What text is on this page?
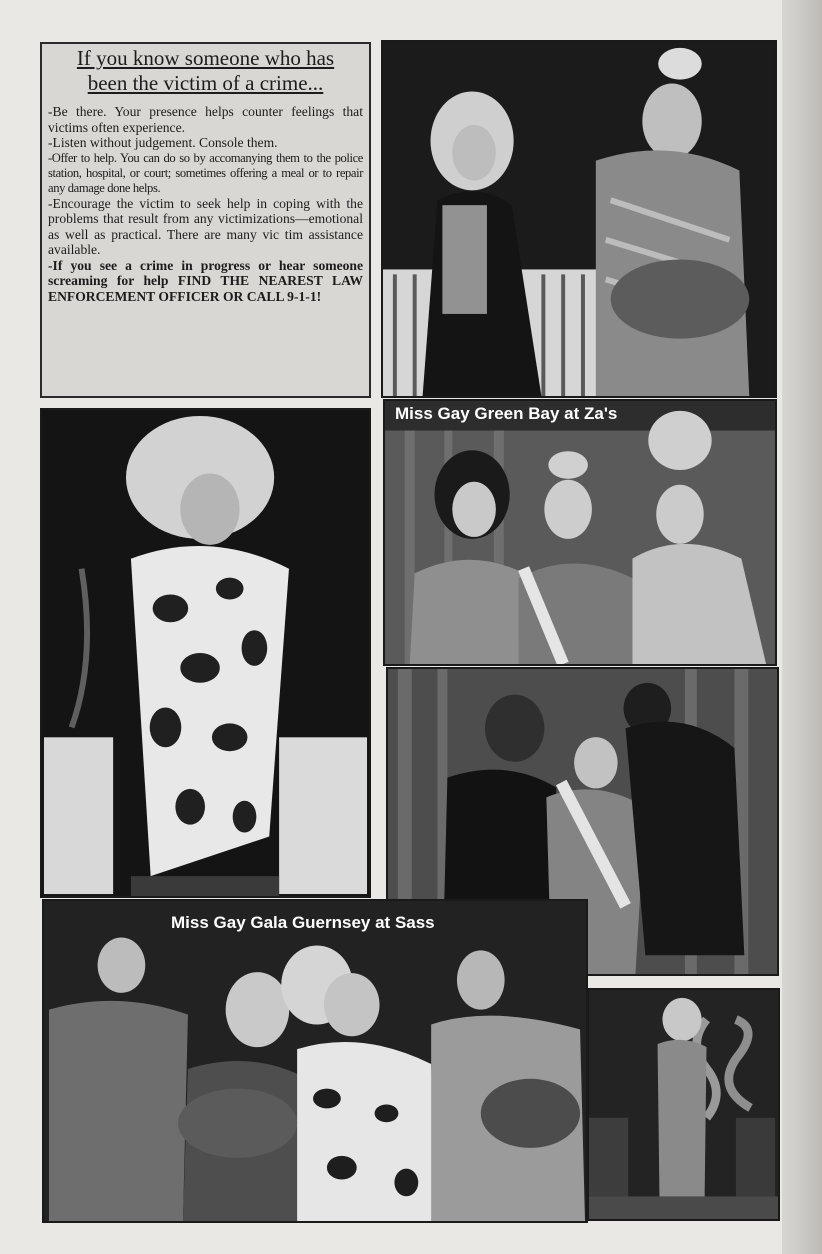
If you know someone who has
been the victim of a crime...

-Be there. Your presence helps counter feelings that victims often experience.

-Listen without judgement. Console them.

-Offer to help. You can do so by accomanying them to the police station, hospital, or court; sometimes offering a meal or to repair any damage done helps.

-Encourage the victim to seek help in coping with the problems that result from any victimizations—emotional as well as practical. There are many vic tim assistance available.

-If you see a crime in progress or hear someone screaming for help FIND THE NEAREST LAW ENFORCEMENT OFFICER OR CALL 9-1-1!

Miss Gay Green Bay at Za's
Miss Gay Gala Guernsey at Sass
